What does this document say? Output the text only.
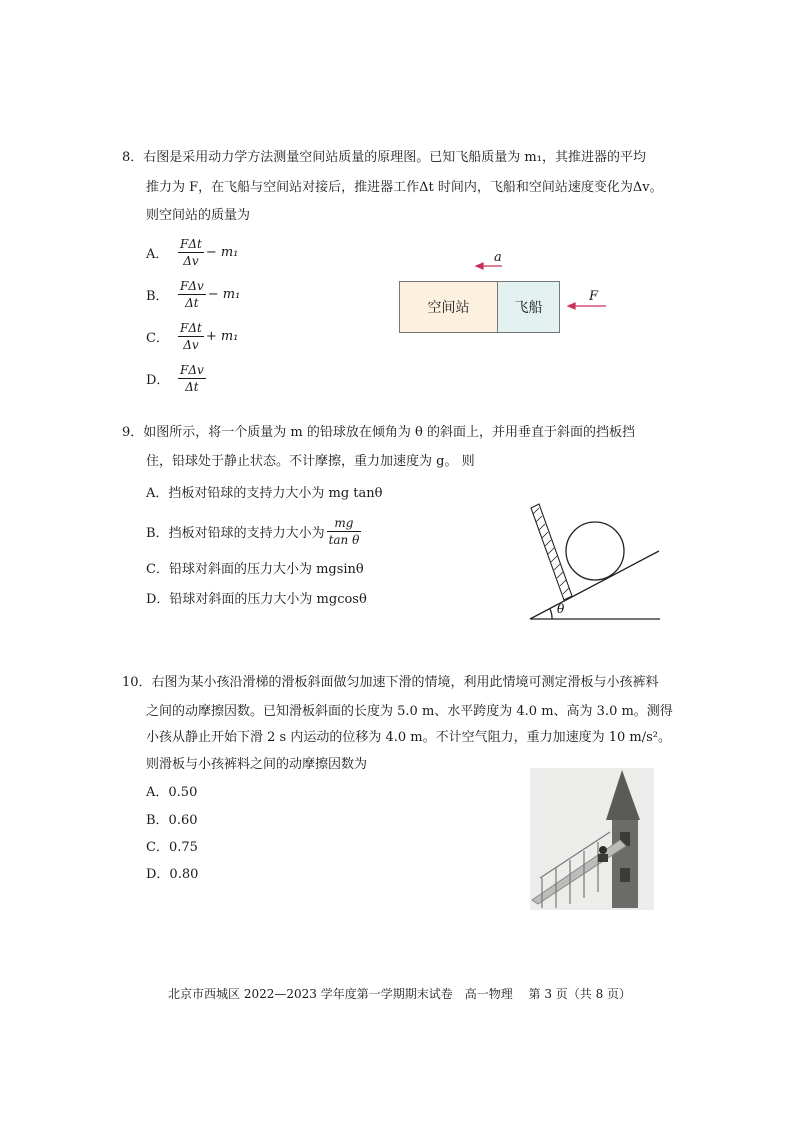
8．右图是采用动力学方法测量空间站质量的原理图。已知飞船质量为 m₁，其推进器的平均
推力为 F，在飞船与空间站对接后，推进器工作Δt 时间内，飞船和空间站速度变化为Δv。
则空间站的质量为
A． $\frac{\text{FΔt}}{\Delta v} - m_1$
B． $\frac{\text{FΔv}}{\Delta t} - m_1$
C． $\frac{\text{FΔt}}{\Delta v} + m_1$
D． $\frac{\text{FΔv}}{\Delta t}$
空间站	飞船
a
F
9．如图所示，将一个质量为 m 的铅球放在倾角为 θ 的斜面上，并用垂直于斜面的挡板挡
住，铅球处于静止状态。不计摩擦，重力加速度为 g。 则
A．挡板对铅球的支持力大小为 mg tanθ
B． 挡板对铅球的支持力大小为 $\frac{mg}{\text{tan θ}}$
C．铅球对斜面的压力大小为 mgsinθ
D．铅球对斜面的压力大小为 mgcosθ
θ
10．右图为某小孩沿滑梯的滑板斜面做匀加速下滑的情境，利用此情境可测定滑板与小孩裤料
之间的动摩擦因数。已知滑板斜面的长度为 5.0 m、水平跨度为 4.0 m、高为 3.0 m。测得
小孩从静止开始下滑 2 s 内运动的位移为 4.0 m。不计空气阻力，重力加速度为 10 m/s²。
则滑板与小孩裤料之间的动摩擦因数为
A．0.50
B．0.60
C．0.75
D．0.80
北京市西城区 2022—2023 学年度第一学期期末试卷　高一物理　 第 3 页（共 8 页）
